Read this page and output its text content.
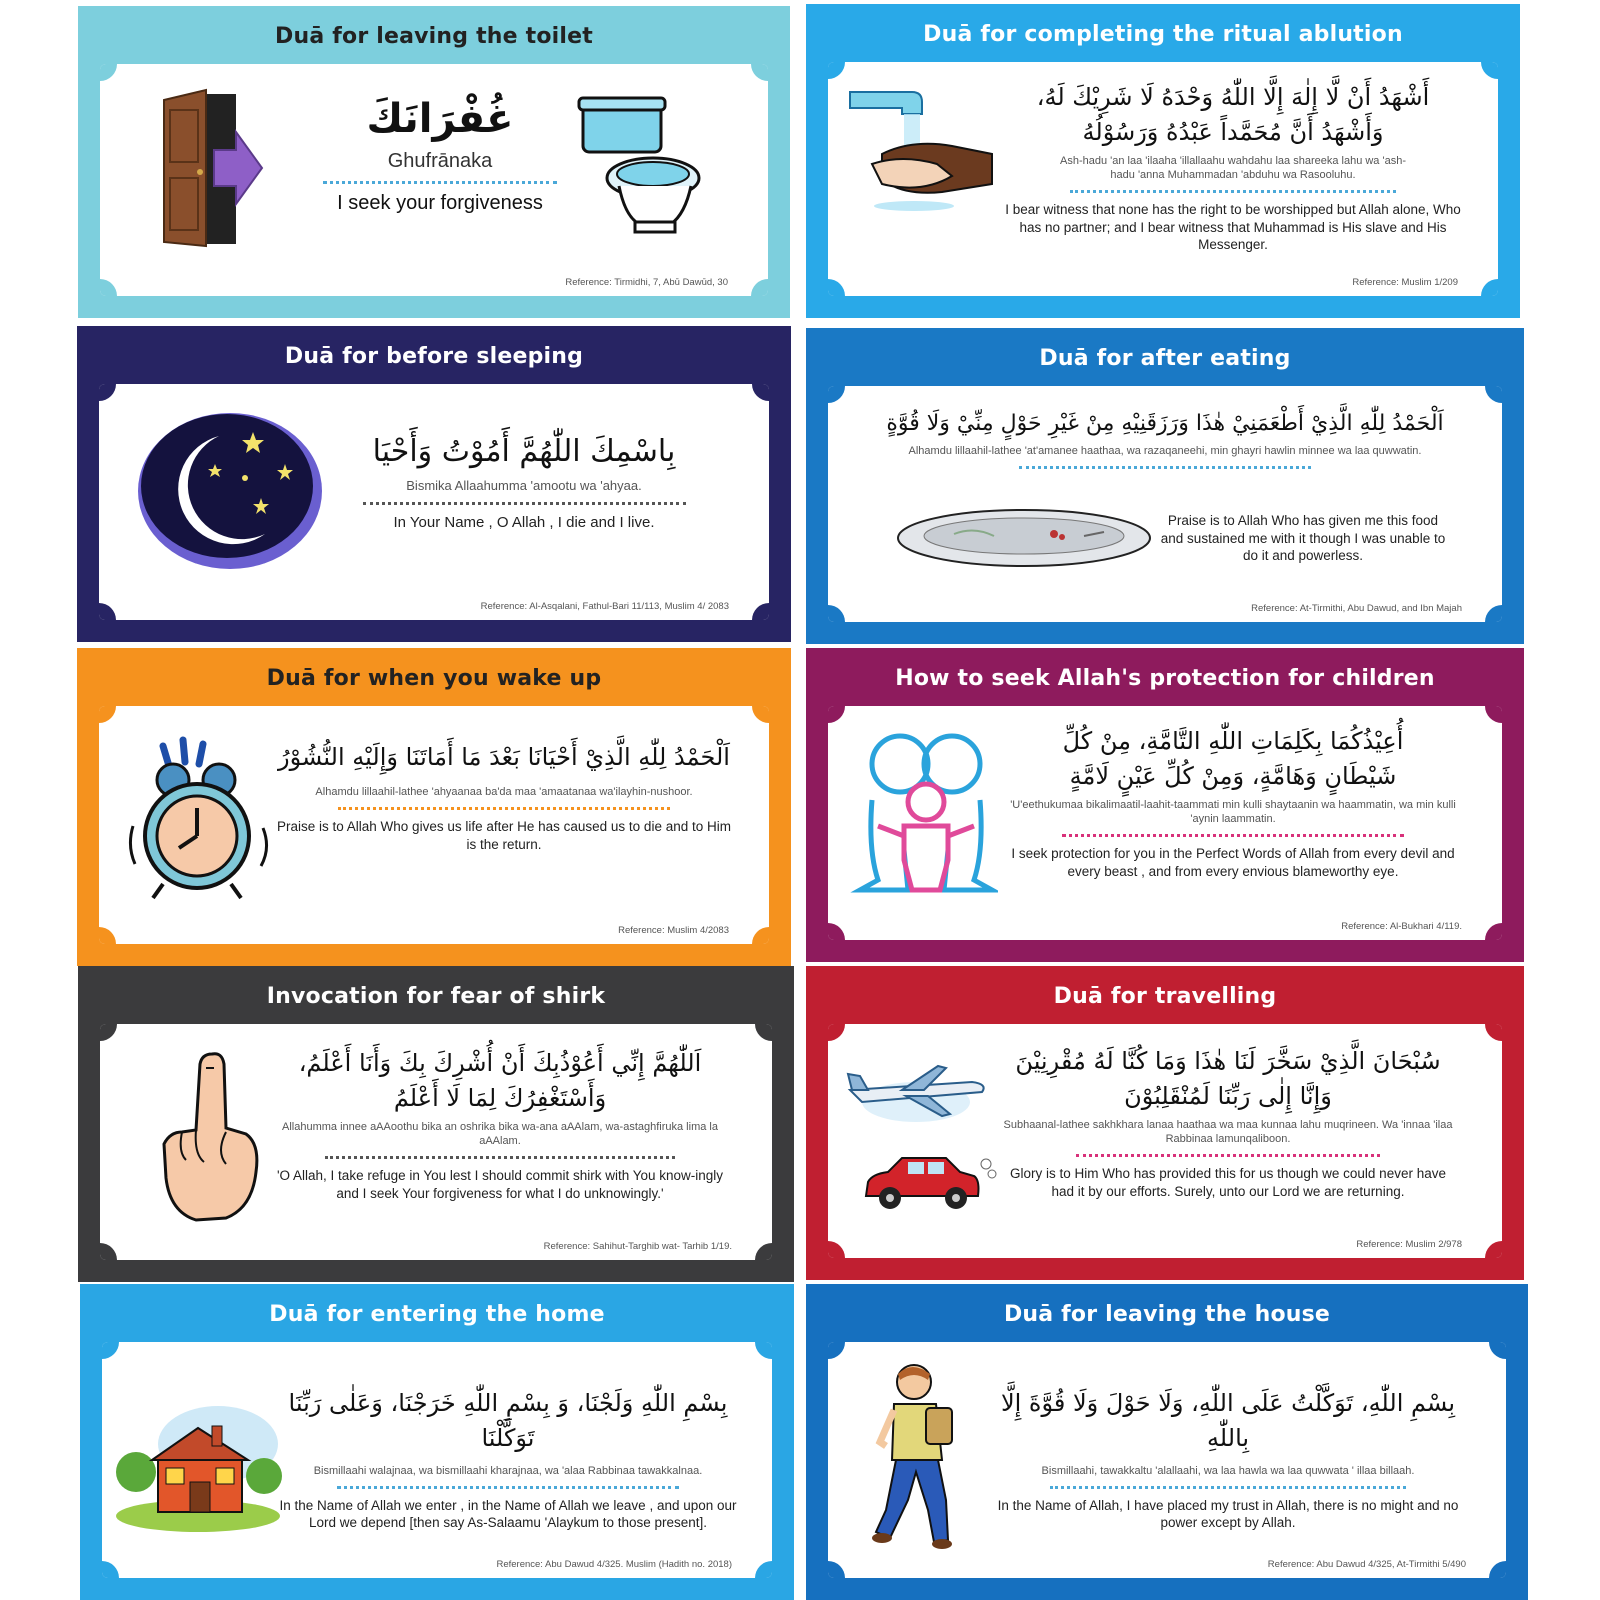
Duā for leaving the toilet
غُفْرَانَكَ
Ghufrānaka
I seek your forgiveness
Reference: Tirmidhi, 7, Abū Dawūd, 30
Duā for completing the ritual ablution
أَشْهَدُ أَنْ لَّا إِلٰهَ إِلَّا اللّٰهُ وَحْدَهُ لَا شَرِيْكَ لَهُ،
وَأَشْهَدُ أَنَّ مُحَمَّداً عَبْدُهُ وَرَسُوْلُهُ
Ash-hadu 'an laa 'ilaaha 'illallaahu wahdahu laa shareeka lahu wa 'ash-hadu 'anna Muhammadan 'abduhu wa Rasooluhu.
I bear witness that none has the right to be worshipped but Allah alone, Who has no partner; and I bear witness that Muhammad is His slave and His Messenger.
Reference: Muslim 1/209
Duā for before sleeping
بِاسْمِكَ اللّٰهُمَّ أَمُوْتُ وَأَحْيَا
Bismika Allaahumma 'amootu wa 'ahyaa.
In Your Name , O Allah , I die and I live.
Reference: Al-Asqalani, Fathul-Bari 11/113, Muslim 4/ 2083
Duā for after eating
اَلْحَمْدُ لِلّٰهِ الَّذِيْ أَطْعَمَنِيْ هٰذَا وَرَزَقَنِيْهِ مِنْ غَيْرِ حَوْلٍ مِنِّيْ وَلَا قُوَّةٍ
Alhamdu lillaahil-lathee 'at'amanee haathaa, wa razaqaneehi, min ghayri hawlin minnee wa laa quwwatin.
Praise is to Allah Who has given me this food and sustained me with it though I was unable to do it and powerless.
Reference: At-Tirmithi, Abu Dawud, and Ibn Majah
Duā for when you wake up
اَلْحَمْدُ لِلّٰهِ الَّذِيْ أَحْيَانَا بَعْدَ مَا أَمَاتَنَا وَإِلَيْهِ النُّشُوْرُ
Alhamdu lillaahil-lathee 'ahyaanaa ba'da maa 'amaatanaa wa'ilayhin-nushoor.
Praise is to Allah Who gives us life after He has caused us to die and to Him is the return.
Reference: Muslim 4/2083
How to seek Allah's protection for children
أُعِيْذُكُمَا بِكَلِمَاتِ اللّٰهِ التَّامَّةِ، مِنْ كُلِّ
شَيْطَانٍ وَهَامَّةٍ، وَمِنْ كُلِّ عَيْنٍ لَامَّةٍ
'U'eethukumaa bikalimaatil-laahit-taammati min kulli shaytaanin wa haammatin, wa min kulli 'aynin laammatin.
I seek protection for you in the Perfect Words of Allah from every devil and every beast , and from every envious blameworthy eye.
Reference: Al-Bukhari 4/119.
Invocation for fear of shirk
اَللّٰهُمَّ إِنِّي أَعُوْذُبِكَ أَنْ أُشْرِكَ بِكَ وَأَنَا أَعْلَمُ،
وَأَسْتَغْفِرُكَ لِمَا لَا أَعْلَمُ
Allahumma innee aAAoothu bika an oshrika bika wa-ana aAAlam, wa-astaghfiruka lima la aAAlam.
'O Allah, I take refuge in You lest I should commit shirk with You know-ingly and I seek Your forgiveness for what I do unknowingly.'
Reference: Sahihut-Targhib wat- Tarhib 1/19.
Duā for travelling
سُبْحَانَ الَّذِيْ سَخَّرَ لَنَا هٰذَا وَمَا كُنَّا لَهُ مُقْرِنِيْنَ
وَإِنَّا إِلٰى رَبِّنَا لَمُنْقَلِبُوْنَ
Subhaanal-lathee sakhkhara lanaa haathaa wa maa kunnaa lahu muqrineen. Wa 'innaa 'ilaa Rabbinaa lamunqaliboon.
Glory is to Him Who has provided this for us though we could never have had it by our efforts. Surely, unto our Lord we are returning.
Reference: Muslim 2/978
Duā for entering the home
بِسْمِ اللّٰهِ وَلَجْنَا، وَ بِسْمِ اللّٰهِ خَرَجْنَا، وَعَلٰى رَبِّنَا تَوَكَّلْنَا
Bismillaahi walajnaa, wa bismillaahi kharajnaa, wa 'alaa Rabbinaa tawakkalnaa.
In the Name of Allah we enter , in the Name of Allah we leave , and upon our Lord we depend [then say As-Salaamu 'Alaykum to those present].
Reference: Abu Dawud 4/325. Muslim (Hadith no. 2018)
Duā for leaving the house
بِسْمِ اللّٰهِ، تَوَكَّلْتُ عَلَى اللّٰهِ، وَلَا حَوْلَ وَلَا قُوَّةَ إِلَّا بِاللّٰهِ
Bismillaahi, tawakkaltu 'alallaahi, wa laa hawla wa laa quwwata ' illaa billaah.
In the Name of Allah, I have placed my trust in Allah, there is no might and no power except by Allah.
Reference: Abu Dawud 4/325, At-Tirmithi 5/490
